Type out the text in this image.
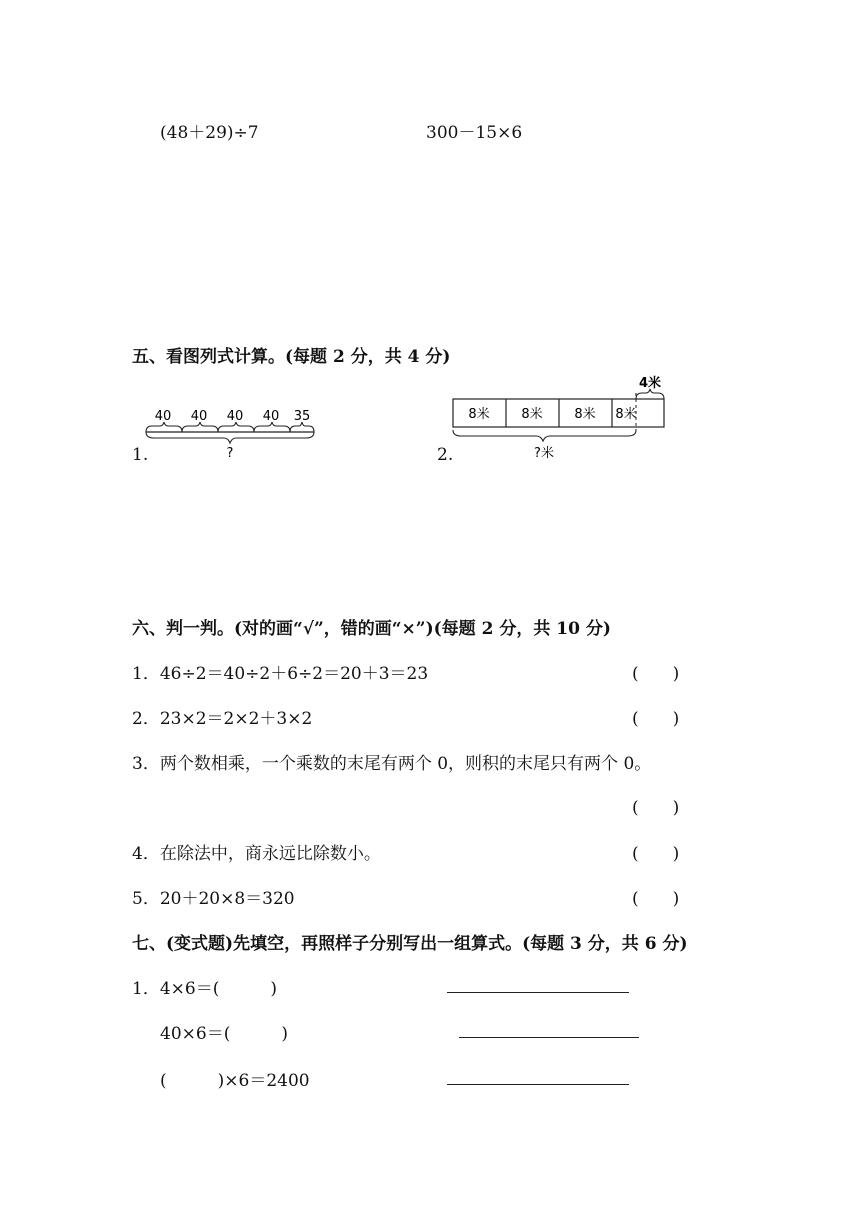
(48＋29)÷7	300－15×6
五、看图列式计算。(每题 2 分，共 4 分)
1.
40 40 40 40 35
?	2.
4米
8米 8米 8米 8米
?米
六、判一判。(对的画“√”，错的画“×”)(每题 2 分，共 10 分)
1．46÷2＝40÷2＋6÷2＝20＋3＝23	(　　)
2．23×2＝2×2＋3×2	(　　)
3．两个数相乘，一个乘数的末尾有两个 0，则积的末尾只有两个 0。
(　　)
4．在除法中，商永远比除数小。	(　　)
5．20＋20×8＝320	(　　)
七、(变式题)先填空，再照样子分别写出一组算式。(每题 3 分，共 6 分)
1．4×6＝(　　　)
40×6＝(　　　)
(　　　)×6＝2400
